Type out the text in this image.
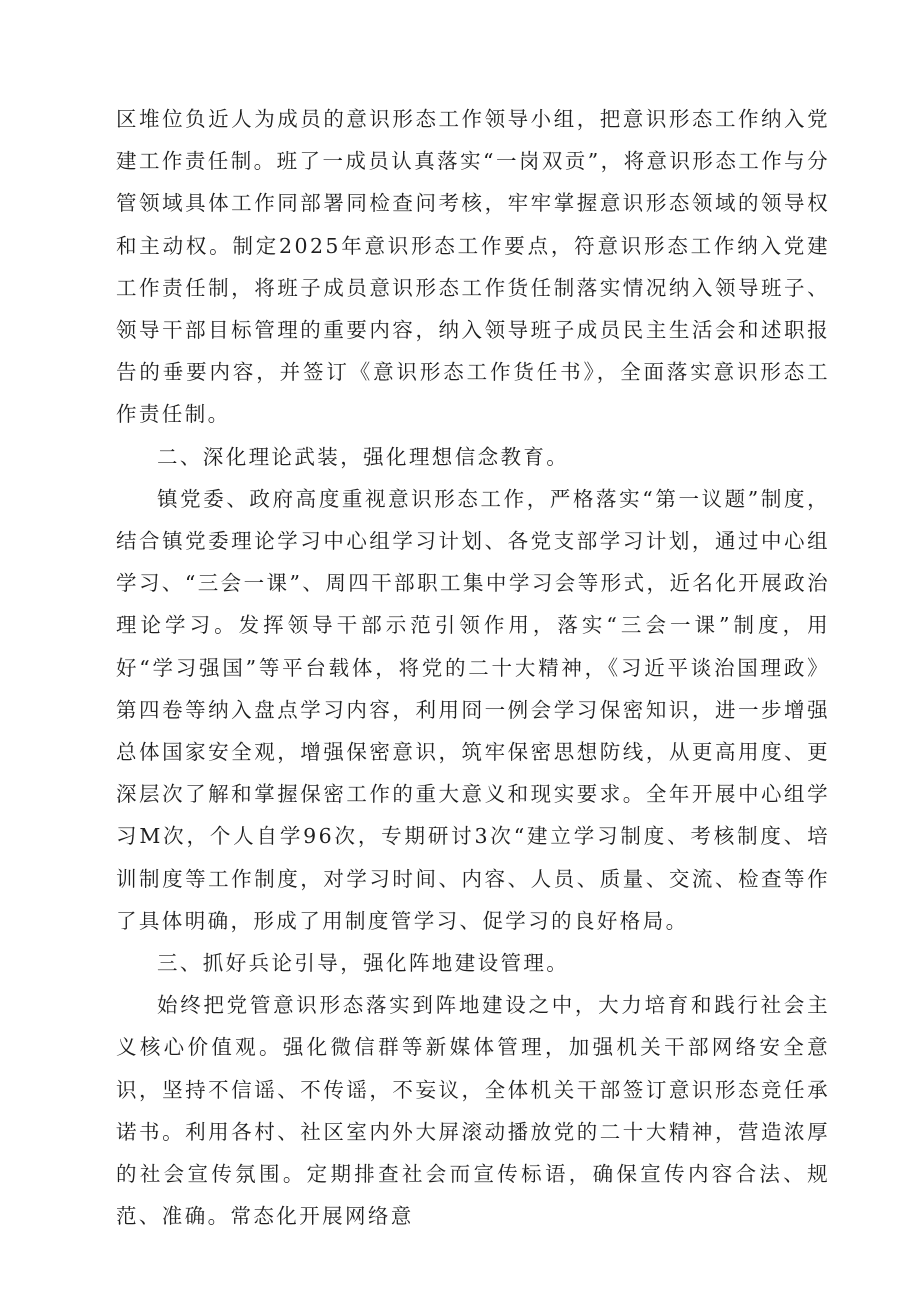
区堆位负近人为成员的意识形态工作领导小组，把意识形态工作纳入党建工作责任制。班了一成员认真落实“一岗双贡”，将意识形态工作与分管领域具体工作同部署同检查问考核，牢牢掌握意识形态领域的领导权和主动权。制定2025年意识形态工作要点，符意识形态工作纳入党建工作责任制，将班子成员意识形态工作货任制落实情况纳入领导班子、领导干部目标管理的重要内容，纳入领导班子成员民主生活会和述职报告的垂要内容，并签订《意识形态工作货任书》，全面落实意识形态工作责任制。

二、深化理论武装，强化理想信念教育。

镇党委、政府高度重视意识形态工作，严格落实“第一议题”制度，结合镇党委理论学习中心组学习计划、各党支部学习计划，通过中心组学习、“三会一课”、周四干部职工集中学习会等形式，近名化开展政治理论学习。发挥领导干部示范引领作用，落实“三会一课”制度，用好“学习强国”等平台载体，将党的二十大精神，《习近平谈治国理政》第四卷等纳入盘点学习内容，利用冏一例会学习保密知识，进一步增强总体国家安全观，增强保密意识，筑牢保密思想防线，从更高用度、更深层次了解和掌握保密工作的重大意义和现实要求。全年开展中心组学习M次，个人自学96次，专期研讨3次“建立学习制度、考核制度、培训制度等工作制度，对学习时间、内容、人员、质量、交流、检查等作了具体明确，形成了用制度管学习、促学习的良好格局。

三、抓好兵论引导，强化阵地建设管理。

始终把党管意识形态落实到阵地建设之中，大力培育和践行社会主义核心价值观。强化微信群等新媒体管理，加强机关干部网络安全意识，坚持不信谣、不传谣，不妄议，全体机关干部签订意识形态竞任承诺书。利用各村、社区室内外大屏滚动播放党的二十大精神，营造浓厚的社会宣传氛围。定期排查社会而宣传标语，确保宣传内容合法、规范、准确。常态化开展网络意
